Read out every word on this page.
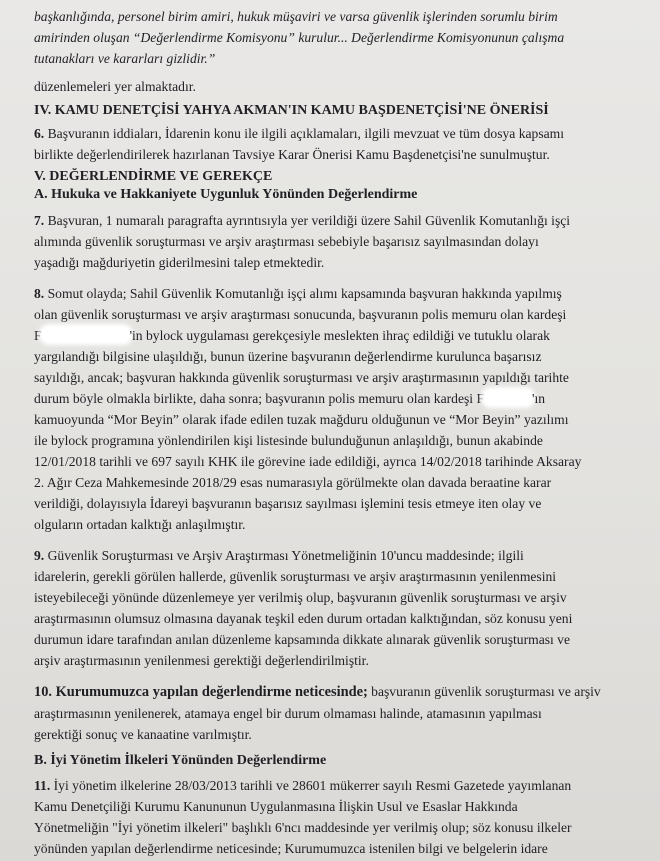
başkanlığında, personel birim amiri, hukuk müşaviri ve varsa güvenlik işlerinden sorumlu birim

amirinden oluşan “Değerlendirme Komisyonu” kurulur... Değerlendirme Komisyonunun çalışma

tutanakları ve kararları gizlidir.”

düzenlemeleri yer almaktadır.

IV. KAMU DENETÇİSİ YAHYA AKMAN'IN KAMU BAŞDENETÇİSİ'NE ÖNERİSİ

6. Başvuranın iddiaları, İdarenin konu ile ilgili açıklamaları, ilgili mevzuat ve tüm dosya kapsamı

birlikte değerlendirilerek hazırlanan Tavsiye Karar Önerisi Kamu Başdenetçisi'ne sunulmuştur.

V. DEĞERLENDİRME VE GEREKÇE

A. Hukuka ve Hakkaniyete Uygunluk Yönünden Değerlendirme

7. Başvuran, 1 numaralı paragrafta ayrıntısıyla yer verildiği üzere Sahil Güvenlik Komutanlığı işçi

alımında güvenlik soruşturması ve arşiv araştırması sebebiyle başarısız sayılmasından dolayı

yaşadığı mağduriyetin giderilmesini talep etmektedir.

8. Somut olayda; Sahil Güvenlik Komutanlığı işçi alımı kapsamında başvuran hakkında yapılmış

olan güvenlik soruşturması ve arşiv araştırması sonucunda, başvuranın polis memuru olan kardeşi

F	'in bylock uygulaması gerekçesiyle meslekten ihraç edildiği ve tutuklu olarak

yargılandığı bilgisine ulaşıldığı, bunun üzerine başvuranın değerlendirme kurulunca başarısız

sayıldığı, ancak; başvuran hakkında güvenlik soruşturması ve arşiv araştırmasının yapıldığı tarihte

durum böyle olmakla birlikte, daha sonra; başvuranın polis memuru olan kardeşi F	'ın

kamuoyunda “Mor Beyin” olarak ifade edilen tuzak mağduru olduğunun ve “Mor Beyin” yazılımı

ile bylock programına yönlendirilen kişi listesinde bulunduğunun anlaşıldığı, bunun akabinde

12/01/2018 tarihli ve 697 sayılı KHK ile görevine iade edildiği, ayrıca 14/02/2018 tarihinde Aksaray

2. Ağır Ceza Mahkemesinde 2018/29 esas numarasıyla görülmekte olan davada beraatine karar

verildiği, dolayısıyla İdareyi başvuranın başarısız sayılması işlemini tesis etmeye iten olay ve

olguların ortadan kalktığı anlaşılmıştır.

9. Güvenlik Soruşturması ve Arşiv Araştırması Yönetmeliğinin 10'uncu maddesinde; ilgili

idarelerin, gerekli görülen hallerde, güvenlik soruşturması ve arşiv araştırmasının yenilenmesini

isteyebileceği yönünde düzenlemeye yer verilmiş olup, başvuranın güvenlik soruşturması ve arşiv

araştırmasının olumsuz olmasına dayanak teşkil eden durum ortadan kalktığından, söz konusu yeni

durumun idare tarafından anılan düzenleme kapsamında dikkate alınarak güvenlik soruşturması ve

arşiv araştırmasının yenilenmesi gerektiği değerlendirilmiştir.

10. Kurumumuzca yapılan değerlendirme neticesinde; başvuranın güvenlik soruşturması ve arşiv

araştırmasının yenilenerek, atamaya engel bir durum olmaması halinde, atamasının yapılması

gerektiği sonuç ve kanaatine varılmıştır.

B. İyi Yönetim İlkeleri Yönünden Değerlendirme

11. İyi yönetim ilkelerine 28/03/2013 tarihli ve 28601 mükerrer sayılı Resmi Gazetede yayımlanan

Kamu Denetçiliği Kurumu Kanununun Uygulanmasına İlişkin Usul ve Esaslar Hakkında

Yönetmeliğin "İyi yönetim ilkeleri" başlıklı 6'ncı maddesinde yer verilmiş olup; söz konusu ilkeler

yönünden yapılan değerlendirme neticesinde; Kurumumuzca istenilen bilgi ve belgelerin idare
